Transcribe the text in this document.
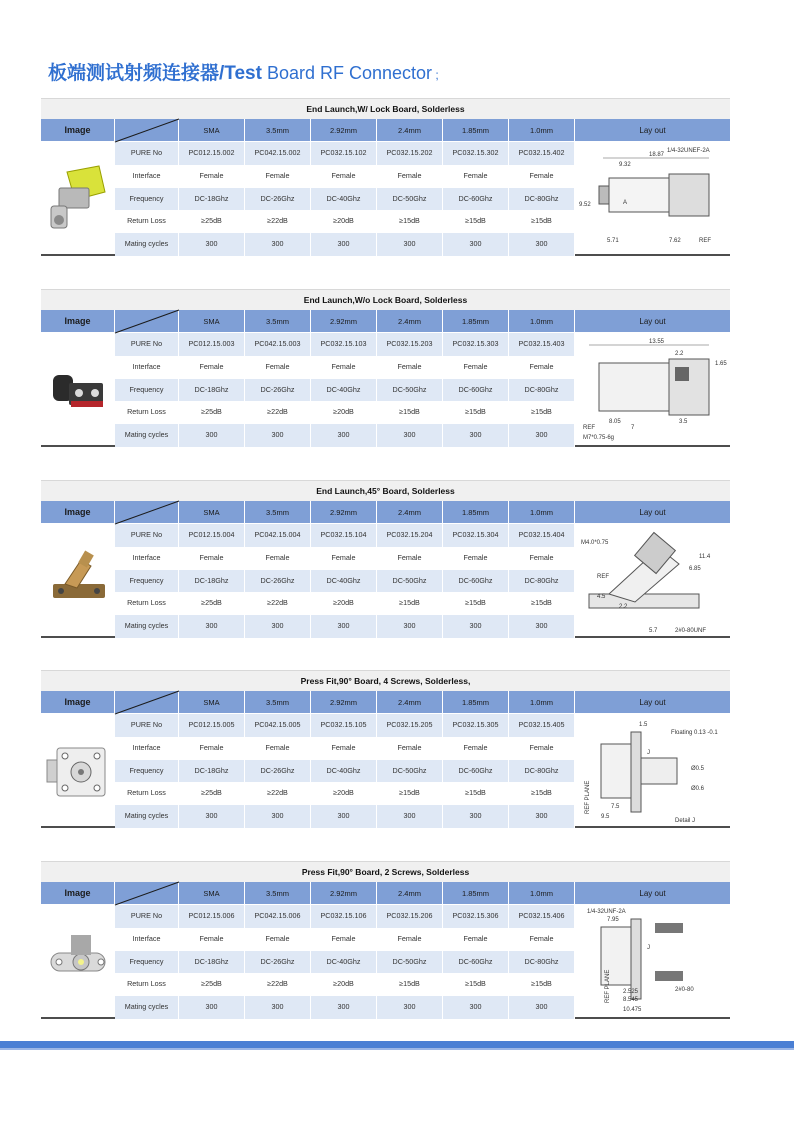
板端测试射频连接器/Test Board RF Connector ;
End Launch,W/ Lock Board, Solderless
Image	SMA	3.5mm	2.92mm	2.4mm	1.85mm	1.0mm	Lay out
PURE No	PC012.15.002	PC042.15.002	PC032.15.102	PC032.15.202	PC032.15.302	PC032.15.402
Interface	Female	Female	Female	Female	Female	Female
Frequency	DC-18Ghz	DC-26Ghz	DC-40Ghz	DC-50Ghz	DC-60Ghz	DC-80Ghz
Return Loss	≥25dB	≥22dB	≥20dB	≥15dB	≥15dB	≥15dB
Mating cycles	300	300	300	300	300	300
1/4-32UNEF-2A
18.87
9.32
9.52
5.71	7.62	REF
A
End Launch,W/o Lock Board, Solderless
Image	SMA	3.5mm	2.92mm	2.4mm	1.85mm	1.0mm	Lay out
PURE No	PC012.15.003	PC042.15.003	PC032.15.103	PC032.15.203	PC032.15.303	PC032.15.403
Interface	Female	Female	Female	Female	Female	Female
Frequency	DC-18Ghz	DC-26Ghz	DC-40Ghz	DC-50Ghz	DC-60Ghz	DC-80Ghz
Return Loss	≥25dB	≥22dB	≥20dB	≥15dB	≥15dB	≥15dB
Mating cycles	300	300	300	300	300	300
13.55
2.2
1.65
8.05	3.5
REF	7
M7*0.75-6g
End Launch,45° Board, Solderless
Image	SMA	3.5mm	2.92mm	2.4mm	1.85mm	1.0mm	Lay out
PURE No	PC012.15.004	PC042.15.004	PC032.15.104	PC032.15.204	PC032.15.304	PC032.15.404
Interface	Female	Female	Female	Female	Female	Female
Frequency	DC-18Ghz	DC-26Ghz	DC-40Ghz	DC-50Ghz	DC-60Ghz	DC-80Ghz
Return Loss	≥25dB	≥22dB	≥20dB	≥15dB	≥15dB	≥15dB
Mating cycles	300	300	300	300	300	300
M4.0*0.75
11.4
6.85
REF
4.5
2.2
5.7	2#0-80UNF
Press Fit,90° Board, 4 Screws, Solderless,
Image	SMA	3.5mm	2.92mm	2.4mm	1.85mm	1.0mm	Lay out
PURE No	PC012.15.005	PC042.15.005	PC032.15.105	PC032.15.205	PC032.15.305	PC032.15.405
Interface	Female	Female	Female	Female	Female	Female
Frequency	DC-18Ghz	DC-26Ghz	DC-40Ghz	DC-50Ghz	DC-60Ghz	DC-80Ghz
Return Loss	≥25dB	≥22dB	≥20dB	≥15dB	≥15dB	≥15dB
Mating cycles	300	300	300	300	300	300
1.5
Floating 0.13 -0.1
J
Ø0.5
Ø0.6
REF PLANE	7.5
9.5
Detail J
Press Fit,90° Board, 2 Screws, Solderless
Image	SMA	3.5mm	2.92mm	2.4mm	1.85mm	1.0mm	Lay out
PURE No	PC012.15.006	PC042.15.006	PC032.15.106	PC032.15.206	PC032.15.306	PC032.15.406
Interface	Female	Female	Female	Female	Female	Female
Frequency	DC-18Ghz	DC-26Ghz	DC-40Ghz	DC-50Ghz	DC-60Ghz	DC-80Ghz
Return Loss	≥25dB	≥22dB	≥20dB	≥15dB	≥15dB	≥15dB
Mating cycles	300	300	300	300	300	300
1/4-32UNF-2A
7.95
J
REF PLANE 2.525
8.545
10.475
2#0-80
